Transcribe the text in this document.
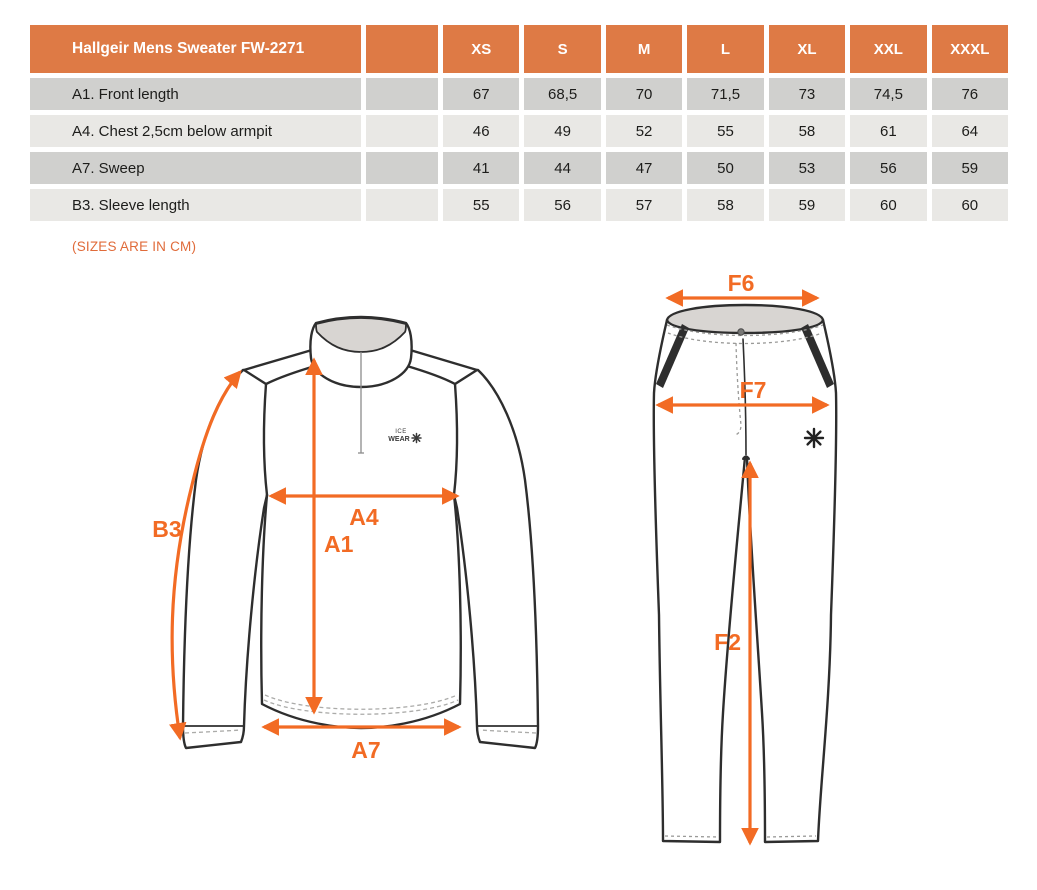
Hallgeir Mens Sweater FW-2271	XS	S	M	L	XL	XXL	XXXL
A1. Front length	67	68,5	70	71,5	73	74,5	76
A4. Chest 2,5cm below armpit	46	49	52	55	58	61	64
A7. Sweep	41	44	47	50	53	56	59
B3. Sleeve length	55	56	57	58	59	60	60
(SIZES ARE IN CM)
ICE
WEAR
B3	A4
A1
A7
F6
F7
F2
